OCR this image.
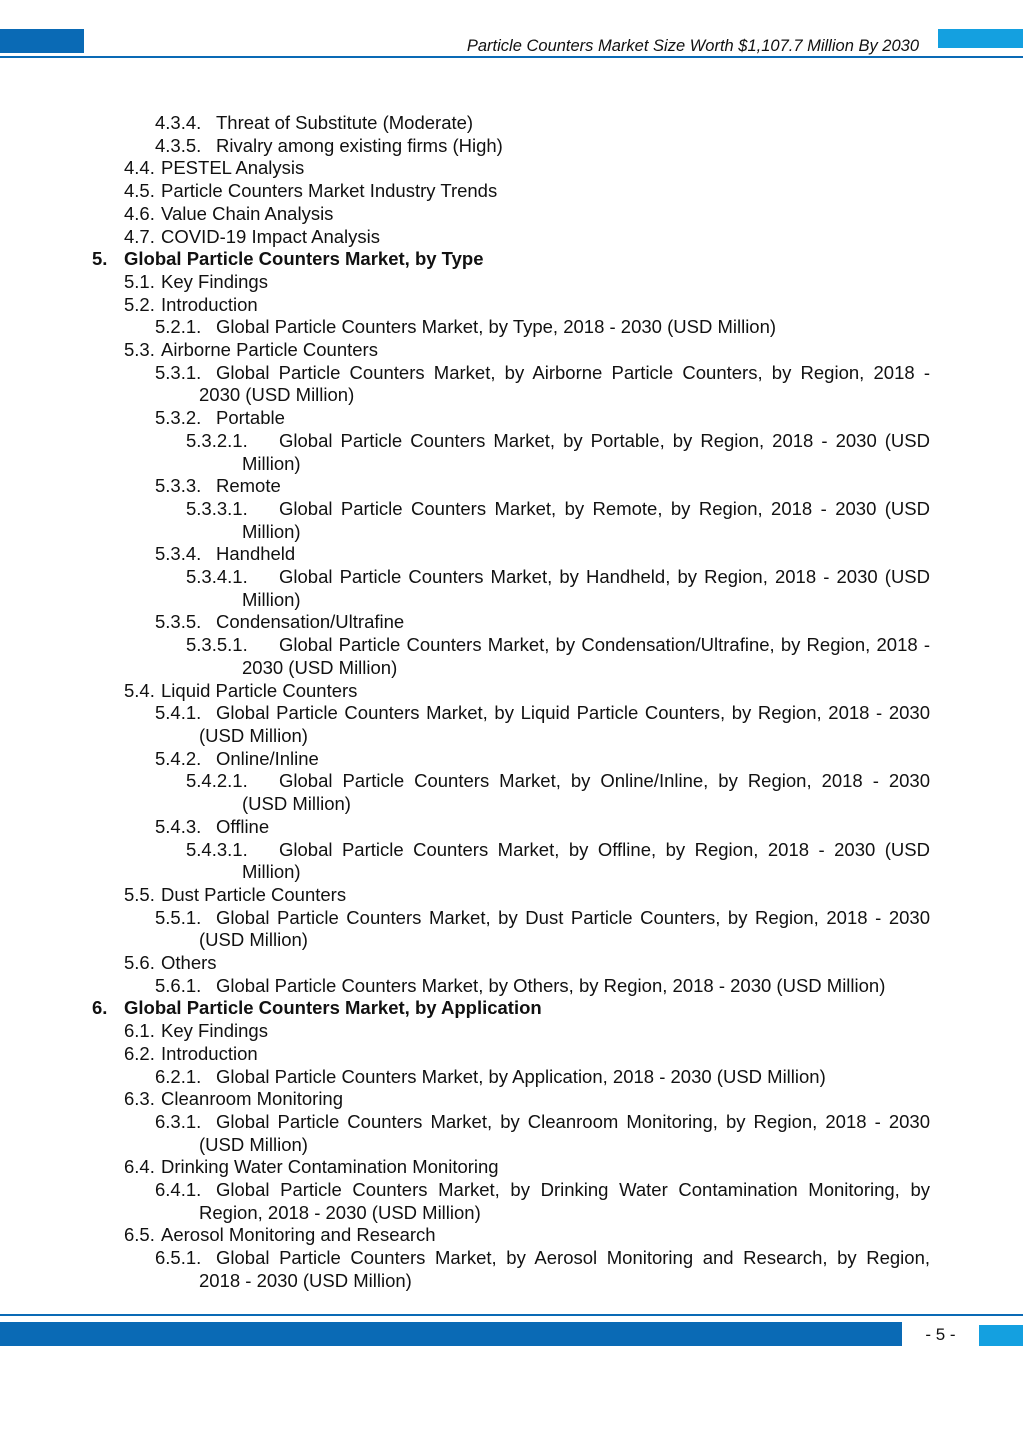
Particle Counters Market Size Worth $1,107.7 Million By 2030
4.3.4. Threat of Substitute (Moderate)
4.3.5. Rivalry among existing firms (High)
4.4. PESTEL Analysis
4.5. Particle Counters Market Industry Trends
4.6. Value Chain Analysis
4.7. COVID-19 Impact Analysis
5. Global Particle Counters Market, by Type
5.1. Key Findings
5.2. Introduction
5.2.1. Global Particle Counters Market, by Type, 2018 - 2030 (USD Million)
5.3. Airborne Particle Counters
5.3.1. Global Particle Counters Market, by Airborne Particle Counters, by Region, 2018 - 2030 (USD Million)
5.3.2. Portable
5.3.2.1.	Global Particle Counters Market, by Portable, by Region, 2018 - 2030 (USD Million)
5.3.3. Remote
5.3.3.1.	Global Particle Counters Market, by Remote, by Region, 2018 - 2030 (USD Million)
5.3.4. Handheld
5.3.4.1.	Global Particle Counters Market, by Handheld, by Region, 2018 - 2030 (USD Million)
5.3.5. Condensation/Ultrafine
5.3.5.1.	Global Particle Counters Market, by Condensation/Ultrafine, by Region, 2018 - 2030 (USD Million)
5.4. Liquid Particle Counters
5.4.1. Global Particle Counters Market, by Liquid Particle Counters, by Region, 2018 - 2030 (USD Million)
5.4.2. Online/Inline
5.4.2.1.	Global Particle Counters Market, by Online/Inline, by Region, 2018 - 2030 (USD Million)
5.4.3. Offline
5.4.3.1.	Global Particle Counters Market, by Offline, by Region, 2018 - 2030 (USD Million)
5.5. Dust Particle Counters
5.5.1. Global Particle Counters Market, by Dust Particle Counters, by Region, 2018 - 2030 (USD Million)
5.6. Others
5.6.1. Global Particle Counters Market, by Others, by Region, 2018 - 2030 (USD Million)
6. Global Particle Counters Market, by Application
6.1. Key Findings
6.2. Introduction
6.2.1. Global Particle Counters Market, by Application, 2018 - 2030 (USD Million)
6.3. Cleanroom Monitoring
6.3.1. Global Particle Counters Market, by Cleanroom Monitoring, by Region, 2018 - 2030 (USD Million)
6.4. Drinking Water Contamination Monitoring
6.4.1. Global Particle Counters Market, by Drinking Water Contamination Monitoring, by Region, 2018 - 2030 (USD Million)
6.5. Aerosol Monitoring and Research
6.5.1. Global Particle Counters Market, by Aerosol Monitoring and Research, by Region, 2018 - 2030 (USD Million)
- 5 -
